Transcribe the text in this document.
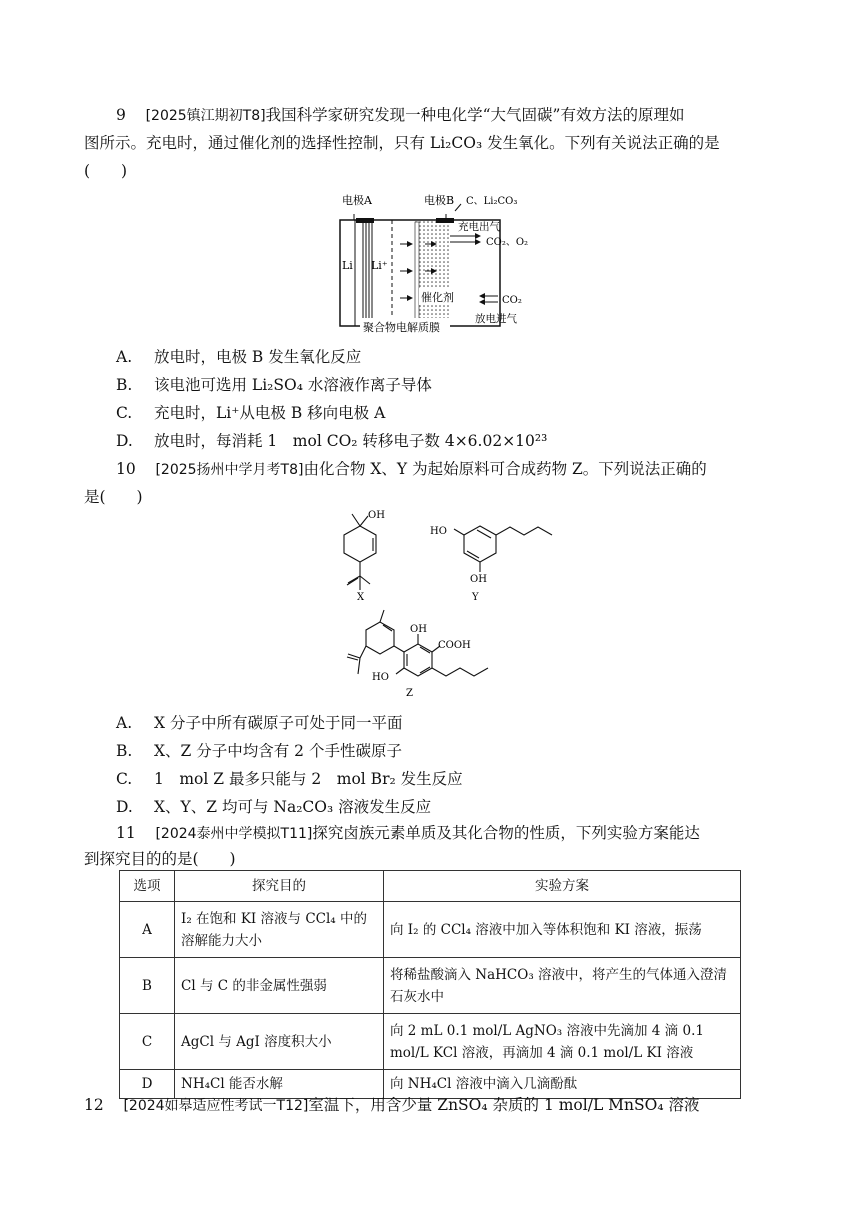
9 [2025镇江期初T8]我国科学家研究发现一种电化学“大气固碳”有效方法的原理如
图所示。充电时，通过催化剂的选择性控制，只有 Li₂CO₃ 发生氧化。下列有关说法正确的是
(　　)
电极A	电极B C、Li₂CO₃
充电出气
CO₂、O₂
Li Li⁺
催化剂	CO₂
放电进气
聚合物电解质膜
A. 放电时，电极 B 发生氧化反应
B. 该电池可选用 Li₂SO₄ 水溶液作离子导体
C. 充电时，Li⁺从电极 B 移向电极 A
D. 放电时，每消耗 1　mol CO₂ 转移电子数 4×6.02×10²³
10 [2025扬州中学月考T8]由化合物 X、Y 为起始原料可合成药物 Z。下列说法正确的
是(　　)
OH
HO
OH
X	Y
OH
COOH
HO
Z
A. X 分子中所有碳原子可处于同一平面
B. X、Z 分子中均含有 2 个手性碳原子
C. 1　mol Z 最多只能与 2　mol Br₂ 发生反应
D. X、Y、Z 均可与 Na₂CO₃ 溶液发生反应
11 [2024泰州中学模拟T11]探究卤族元素单质及其化合物的性质，下列实验方案能达
到探究目的的是(　　)
选项	探究目的	实验方案
A	I₂ 在饱和 KI 溶液与 CCl₄ 中的溶解能力大小	向 I₂ 的 CCl₄ 溶液中加入等体积饱和 KI 溶液，振荡
B	Cl 与 C 的非金属性强弱	将稀盐酸滴入 NaHCO₃ 溶液中，将产生的气体通入澄清石灰水中
C	AgCl 与 AgI 溶度积大小	向 2 mL 0.1 mol/L AgNO₃ 溶液中先滴加 4 滴 0.1 mol/L KCl 溶液，再滴加 4 滴 0.1 mol/L KI 溶液
D	NH₄Cl 能否水解	向 NH₄Cl 溶液中滴入几滴酚酞
12 [2024如皋适应性考试一T12]室温下，用含少量 ZnSO₄ 杂质的 1 mol/L MnSO₄ 溶液
